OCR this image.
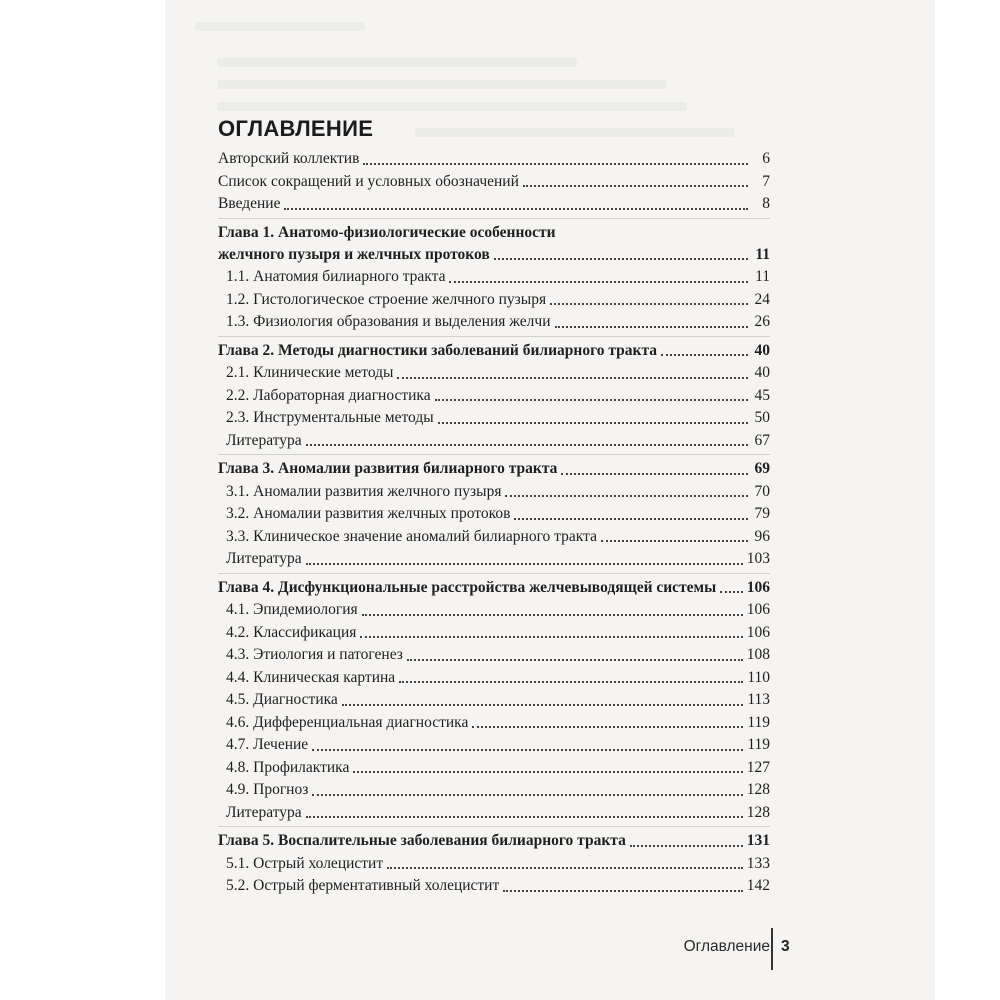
ОГЛАВЛЕНИЕ
Авторский коллектив	6
Список сокращений и условных обозначений	7
Введение	8
Глава 1. Анатомо-физиологические особенности
желчного пузыря и желчных протоков	11
1.1. Анатомия билиарного тракта	11
1.2. Гистологическое строение желчного пузыря	24
1.3. Физиология образования и выделения желчи	26
Глава 2. Методы диагностики заболеваний билиарного тракта	40
2.1. Клинические методы	40
2.2. Лабораторная диагностика	45
2.3. Инструментальные методы	50
Литература	67
Глава 3. Аномалии развития билиарного тракта	69
3.1. Аномалии развития желчного пузыря	70
3.2. Аномалии развития желчных протоков	79
3.3. Клиническое значение аномалий билиарного тракта	96
Литература	103
Глава 4. Дисфункциональные расстройства желчевыводящей системы 106
4.1. Эпидемиология	106
4.2. Классификация	106
4.3. Этиология и патогенез	108
4.4. Клиническая картина	110
4.5. Диагностика	113
4.6. Дифференциальная диагностика	119
4.7. Лечение	119
4.8. Профилактика	127
4.9. Прогноз	128
Литература	128
Глава 5. Воспалительные заболевания билиарного тракта	131
5.1. Острый холецистит	133
5.2. Острый ферментативный холецистит	142
Оглавление 3
